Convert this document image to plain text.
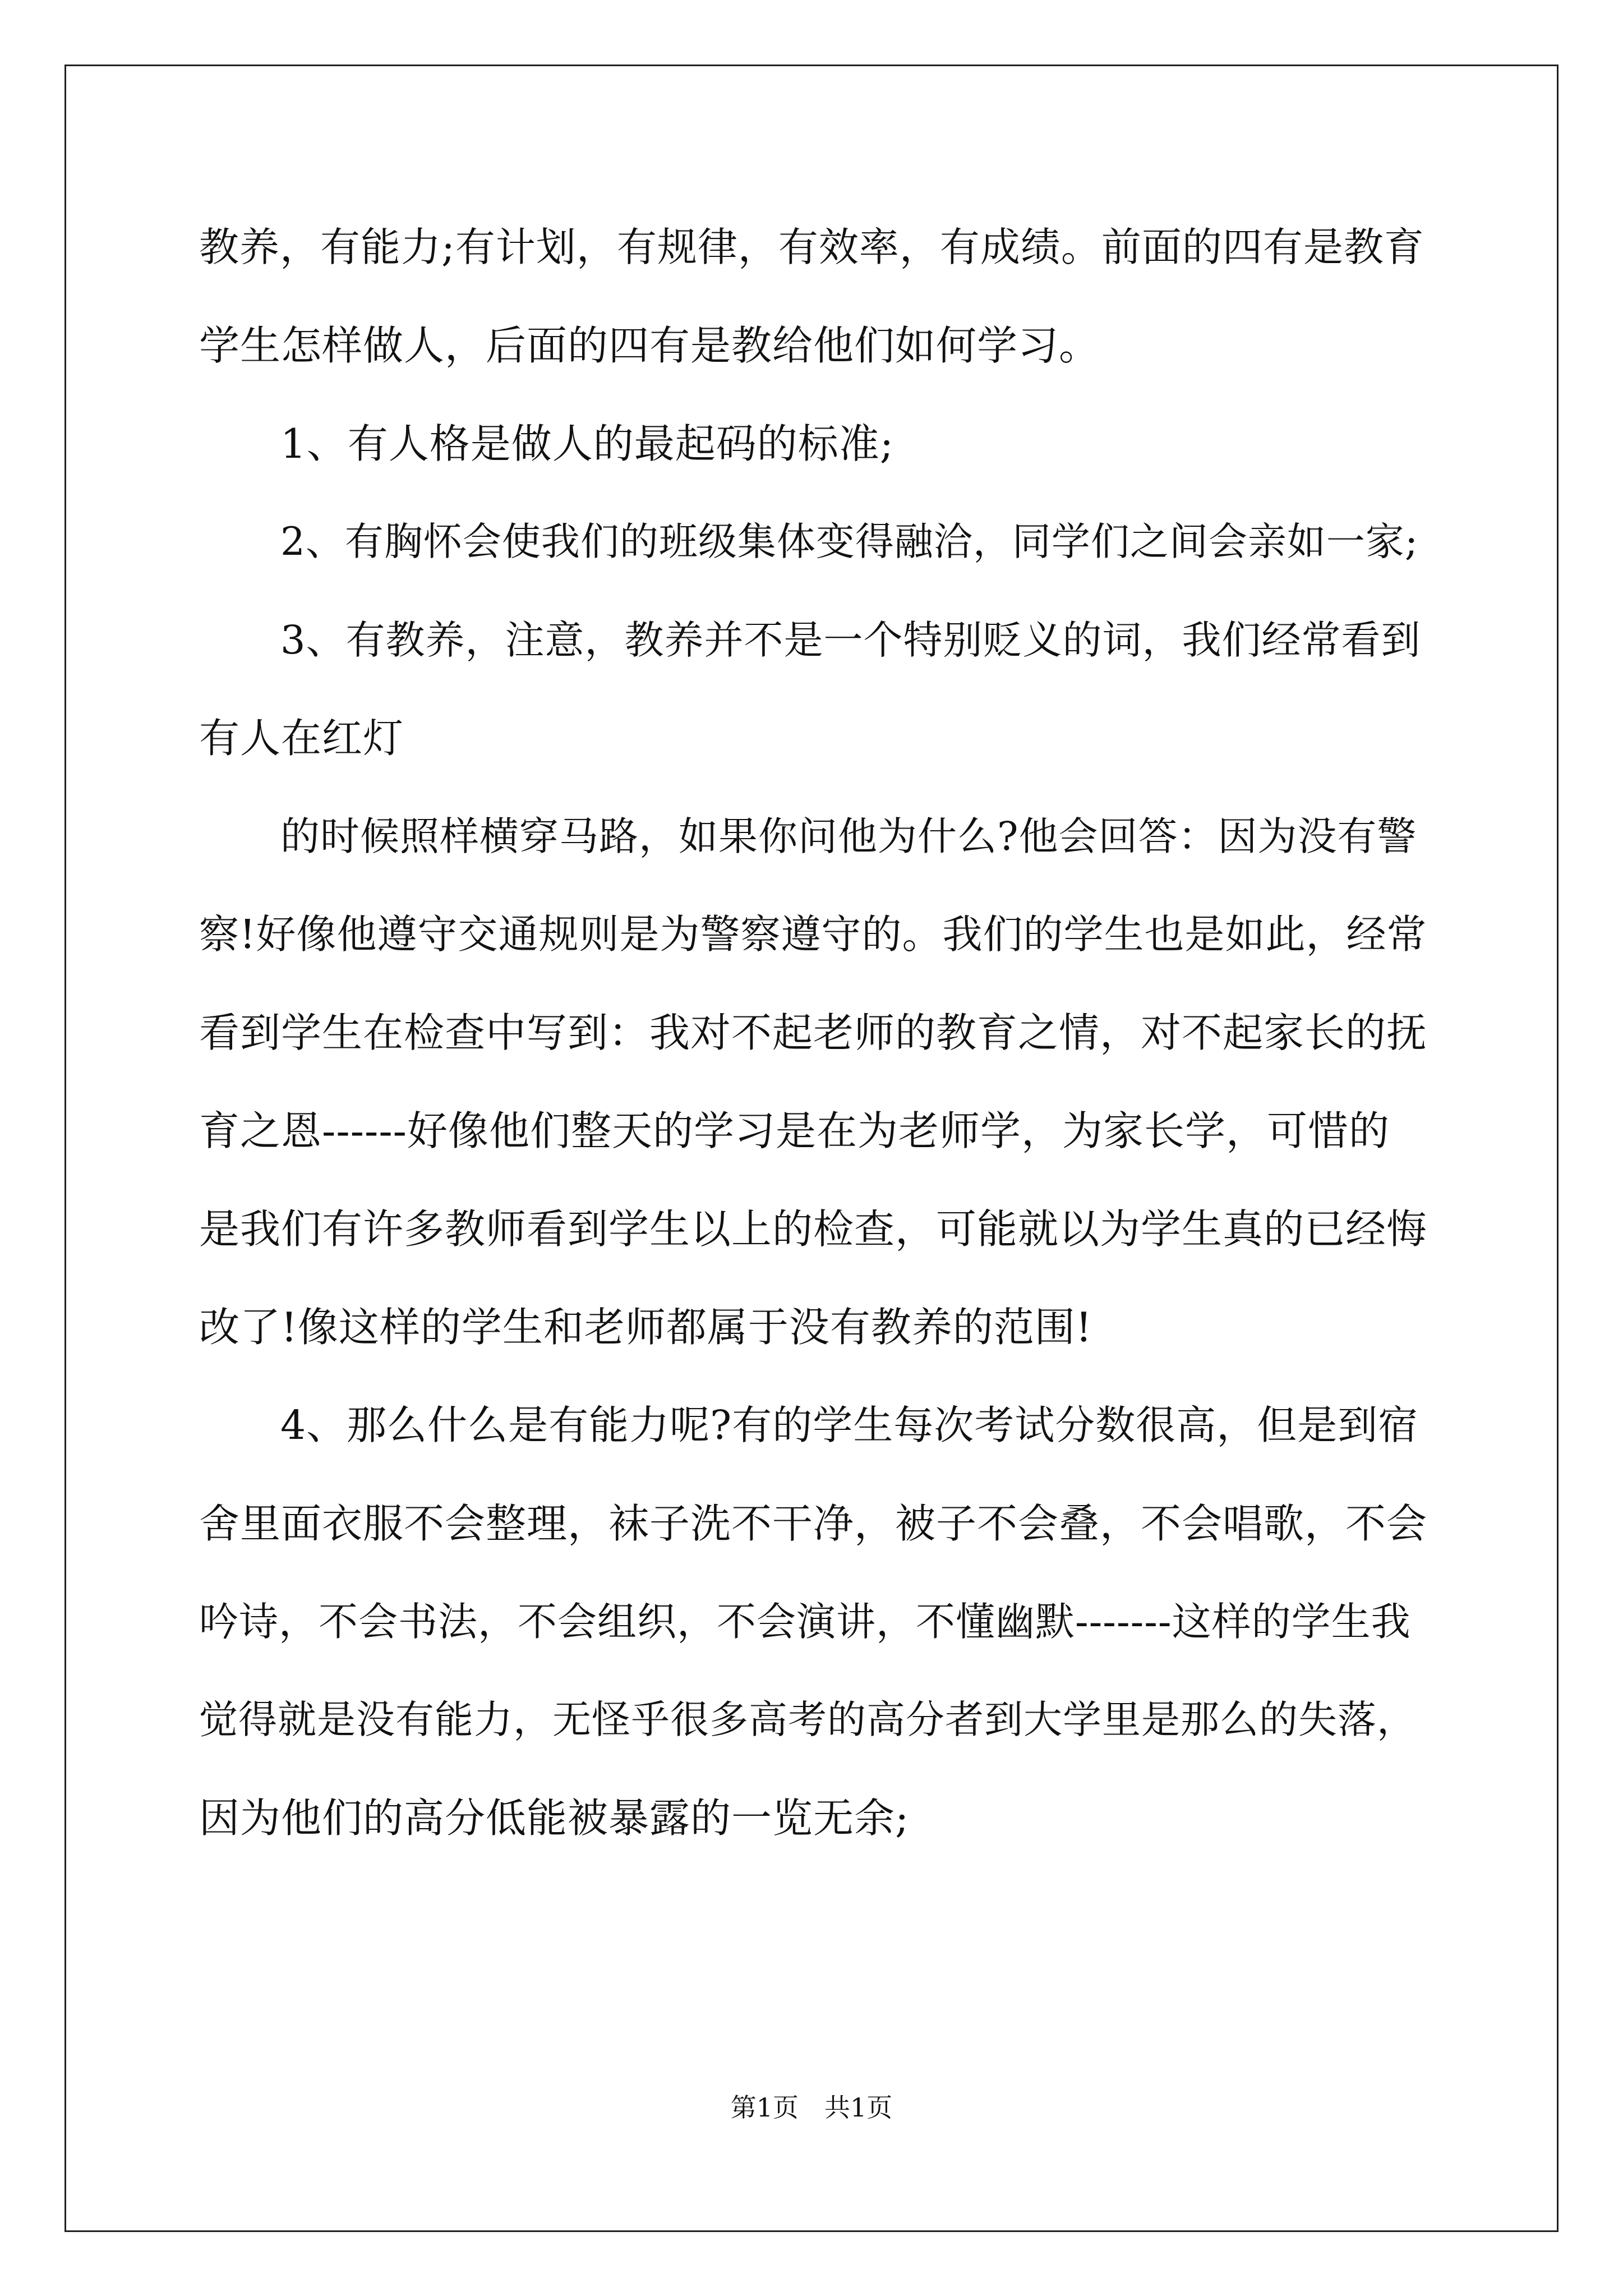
教养，有能力;有计划，有规律，有效率，有成绩。前面的四有是教育
学生怎样做人，后面的四有是教给他们如何学习。
1、有人格是做人的最起码的标准;
2、有胸怀会使我们的班级集体变得融洽，同学们之间会亲如一家;
3、有教养，注意，教养并不是一个特别贬义的词，我们经常看到
有人在红灯
的时候照样横穿马路，如果你问他为什么?他会回答：因为没有警
察!好像他遵守交通规则是为警察遵守的。我们的学生也是如此，经常
看到学生在检查中写到：我对不起老师的教育之情，对不起家长的抚
育之恩------好像他们整天的学习是在为老师学，为家长学，可惜的
是我们有许多教师看到学生以上的检查，可能就以为学生真的已经悔
改了!像这样的学生和老师都属于没有教养的范围!
4、那么什么是有能力呢?有的学生每次考试分数很高，但是到宿
舍里面衣服不会整理，袜子洗不干净，被子不会叠，不会唱歌，不会
吟诗，不会书法，不会组织，不会演讲，不懂幽默-------这样的学生我
觉得就是没有能力，无怪乎很多高考的高分者到大学里是那么的失落，
因为他们的高分低能被暴露的一览无余;
第1页　共1页
